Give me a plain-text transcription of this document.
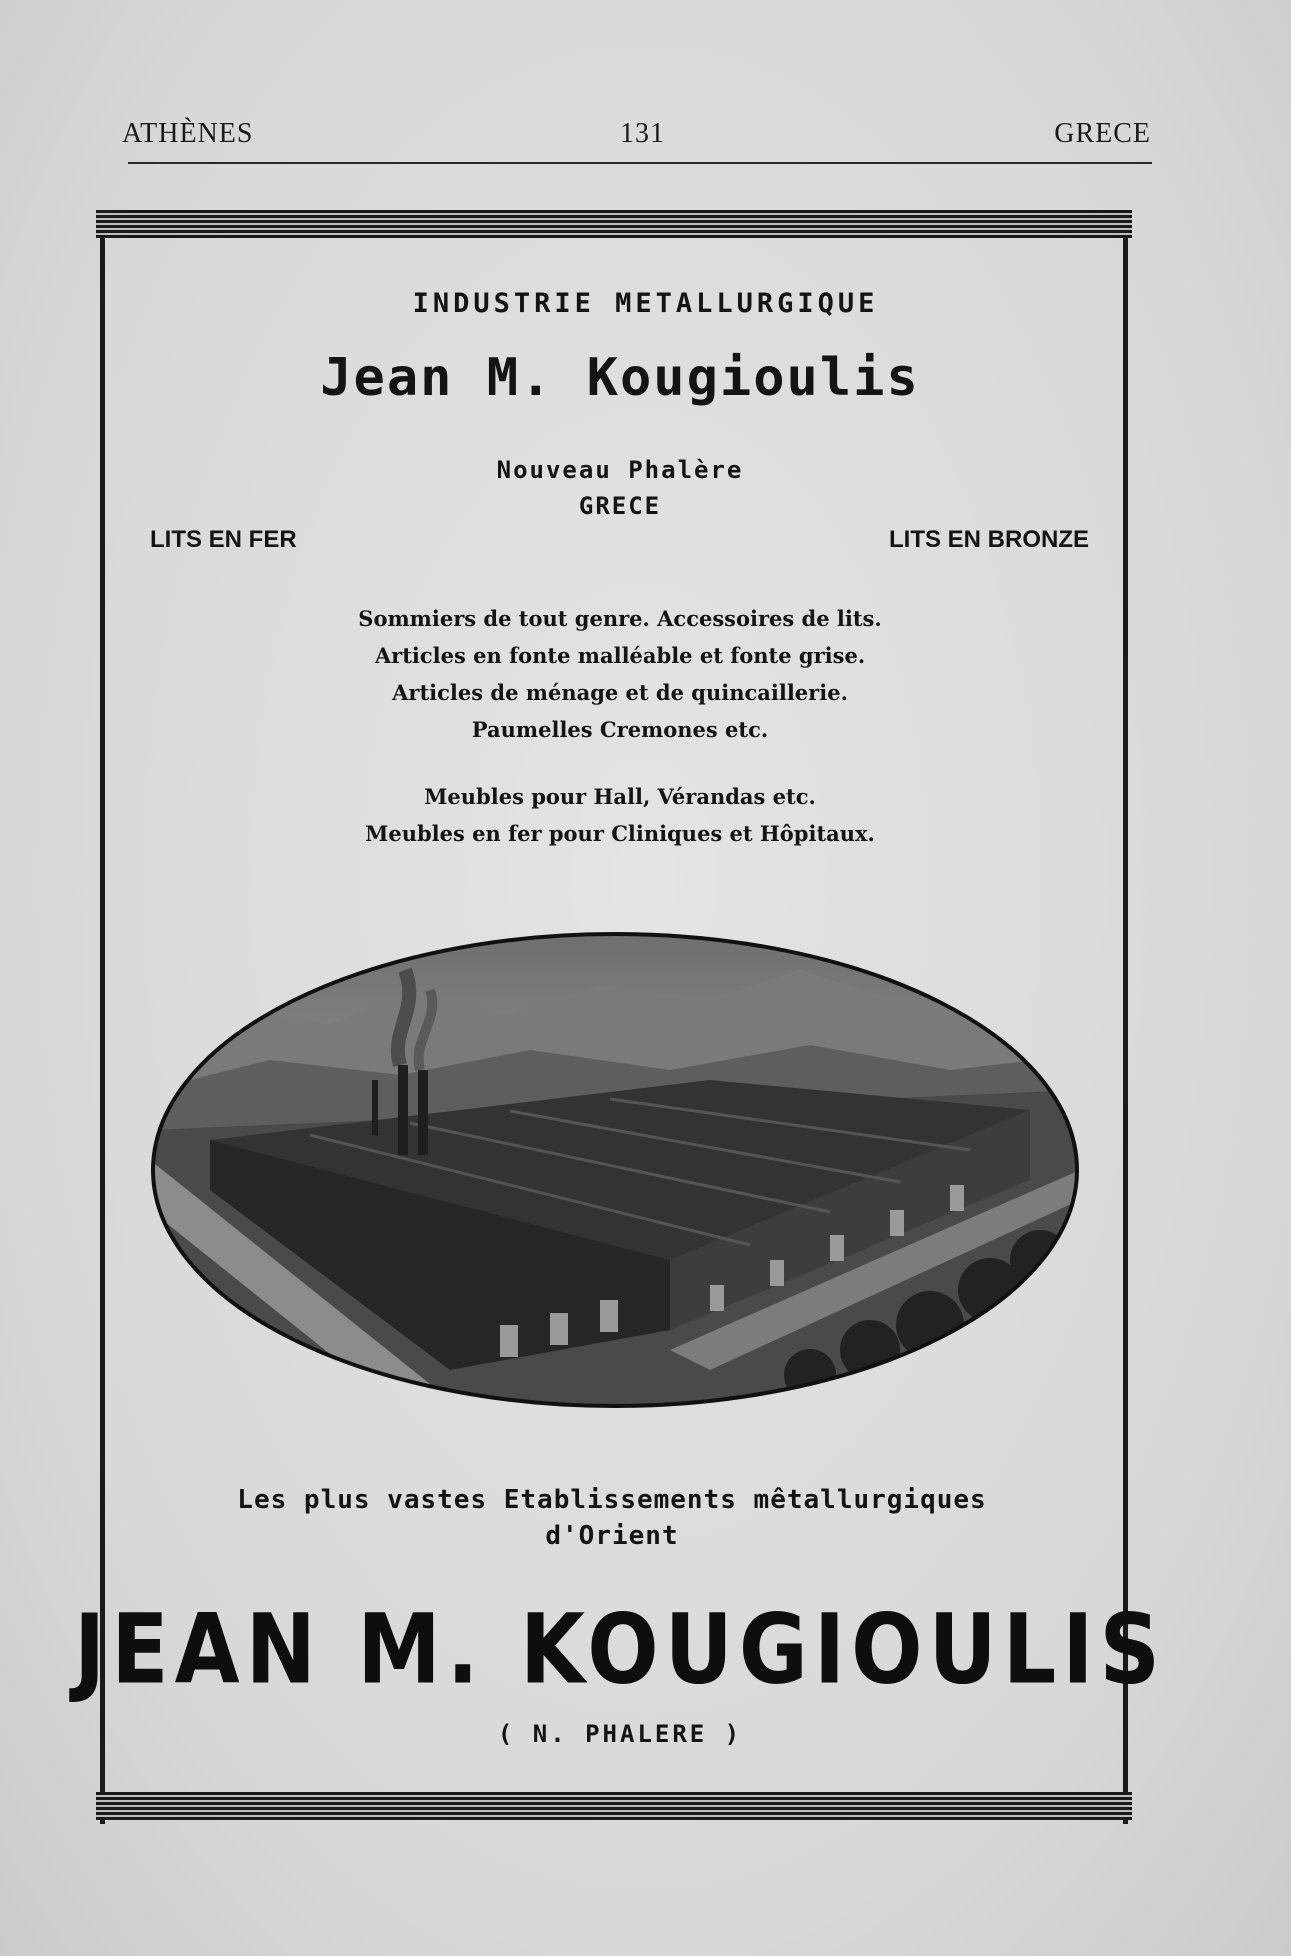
ATHÈNES	131	GRECE
INDUSTRIE METALLURGIQUE
Jean M. Kougioulis
Nouveau Phalère
GRECE
LITS EN FER	LITS EN BRONZE
Sommiers de tout genre. Accessoires de lits.
Articles en fonte malléable et fonte grise.
Articles de ménage et de quincaillerie.
Paumelles Cremones etc.
Meubles pour Hall, Vérandas etc.
Meubles en fer pour Cliniques et Hôpitaux.
Les plus vastes Etablissements mêtallurgiques
d'Orient
JEAN M. KOUGIOULIS
( N. PHALERE )
